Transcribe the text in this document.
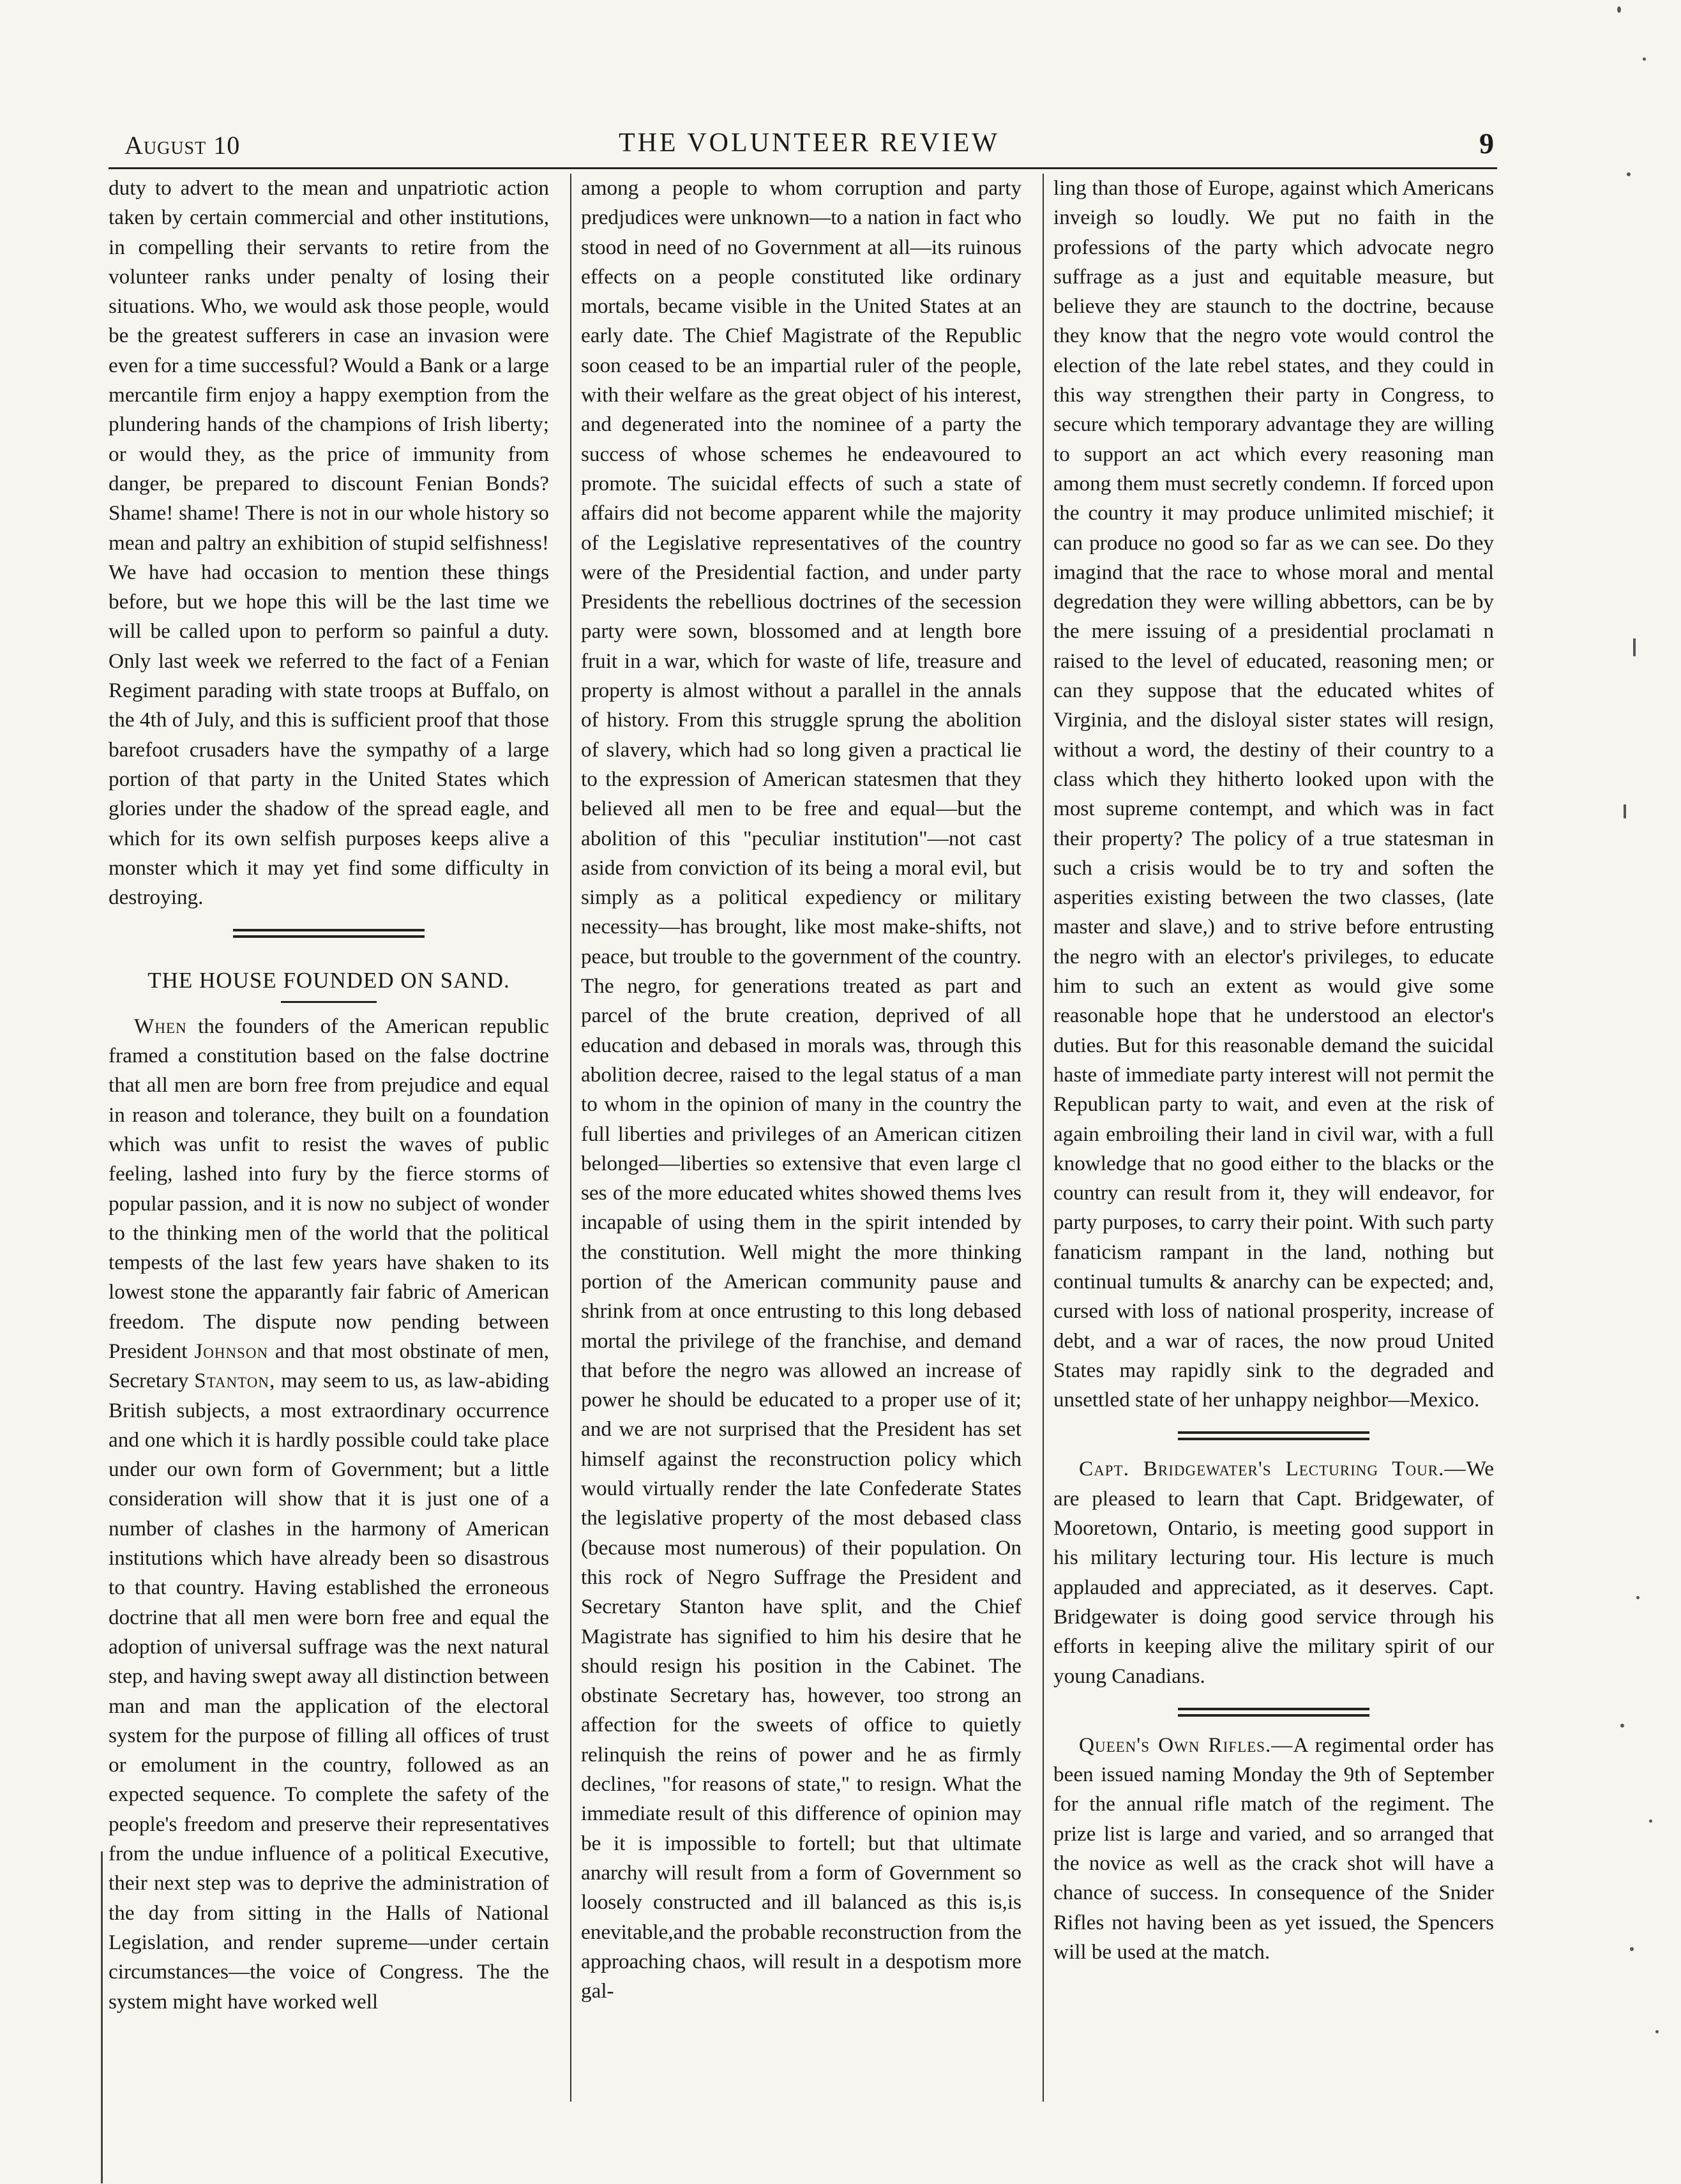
August 10	THE VOLUNTEER REVIEW	9

duty to advert to the mean and unpatriotic action taken by certain commercial and other institutions, in compelling their servants to retire from the volunteer ranks under penalty of losing their situations. Who, we would ask those people, would be the greatest sufferers in case an invasion were even for a time successful? Would a Bank or a large mercantile firm enjoy a happy exemption from the plundering hands of the champions of Irish liberty; or would they, as the price of immunity from danger, be prepared to discount Fenian Bonds? Shame! shame! There is not in our whole history so mean and paltry an exhibition of stupid selfishness! We have had occasion to mention these things before, but we hope this will be the last time we will be called upon to perform so painful a duty. Only last week we referred to the fact of a Fenian Regiment parading with state troops at Buffalo, on the 4th of July, and this is sufficient proof that those barefoot crusaders have the sympathy of a large portion of that party in the United States which glories under the shadow of the spread eagle, and which for its own selfish purposes keeps alive a monster which it may yet find some difficulty in destroying.

THE HOUSE FOUNDED ON SAND.

When the founders of the American republic framed a constitution based on the false doctrine that all men are born free from prejudice and equal in reason and tolerance, they built on a foundation which was unfit to resist the waves of public feeling, lashed into fury by the fierce storms of popular passion, and it is now no subject of wonder to the thinking men of the world that the political tempests of the last few years have shaken to its lowest stone the apparantly fair fabric of American freedom. The dispute now pending between President Johnson and that most obstinate of men, Secretary Stanton, may seem to us, as law-abiding British subjects, a most extraordinary occurrence and one which it is hardly possible could take place under our own form of Government; but a little consideration will show that it is just one of a number of clashes in the harmony of American institutions which have already been so disastrous to that country. Having established the erroneous doctrine that all men were born free and equal the adoption of universal suffrage was the next natural step, and having swept away all distinction between man and man the application of the electoral system for the purpose of filling all offices of trust or emolument in the country, followed as an expected sequence. To complete the safety of the people's freedom and preserve their representatives from the undue influence of a political Executive, their next step was to deprive the administration of the day from sitting in the Halls of National Legislation, and render supreme—under certain circumstances—the voice of Congress. The the system might have worked well

among a people to whom corruption and party predjudices were unknown—to a nation in fact who stood in need of no Government at all—its ruinous effects on a people constituted like ordinary mortals, became visible in the United States at an early date. The Chief Magistrate of the Republic soon ceased to be an impartial ruler of the people, with their welfare as the great object of his interest, and degenerated into the nominee of a party the success of whose schemes he endeavoured to promote. The suicidal effects of such a state of affairs did not become apparent while the majority of the Legislative representatives of the country were of the Presidential faction, and under party Presidents the rebellious doctrines of the secession party were sown, blossomed and at length bore fruit in a war, which for waste of life, treasure and property is almost without a parallel in the annals of history. From this struggle sprung the abolition of slavery, which had so long given a practical lie to the expression of American statesmen that they believed all men to be free and equal—but the abolition of this "peculiar institution"—not cast aside from conviction of its being a moral evil, but simply as a political expediency or military necessity—has brought, like most make-shifts, not peace, but trouble to the government of the country. The negro, for generations treated as part and parcel of the brute creation, deprived of all education and debased in morals was, through this abolition decree, raised to the legal status of a man to whom in the opinion of many in the country the full liberties and privileges of an American citizen belonged—liberties so extensive that even large cl ses of the more educated whites showed thems lves incapable of using them in the spirit intended by the constitution. Well might the more thinking portion of the American community pause and shrink from at once entrusting to this long debased mortal the privilege of the franchise, and demand that before the negro was allowed an increase of power he should be educated to a proper use of it; and we are not surprised that the President has set himself against the reconstruction policy which would virtually render the late Confederate States the legislative property of the most debased class (because most numerous) of their population. On this rock of Negro Suffrage the President and Secretary Stanton have split, and the Chief Magistrate has signified to him his desire that he should resign his position in the Cabinet. The obstinate Secretary has, however, too strong an affection for the sweets of office to quietly relinquish the reins of power and he as firmly declines, "for reasons of state," to resign. What the immediate result of this difference of opinion may be it is impossible to fortell; but that ultimate anarchy will result from a form of Government so loosely constructed and ill balanced as this is,is enevitable,and the probable reconstruction from the approaching chaos, will result in a despotism more gal-

ling than those of Europe, against which Americans inveigh so loudly. We put no faith in the professions of the party which advocate negro suffrage as a just and equitable measure, but believe they are staunch to the doctrine, because they know that the negro vote would control the election of the late rebel states, and they could in this way strengthen their party in Congress, to secure which temporary advantage they are willing to support an act which every reasoning man among them must secretly condemn. If forced upon the country it may produce unlimited mischief; it can produce no good so far as we can see. Do they imagind that the race to whose moral and mental degredation they were willing abbettors, can be by the mere issuing of a presidential proclamati n raised to the level of educated, reasoning men; or can they suppose that the educated whites of Virginia, and the disloyal sister states will resign, without a word, the destiny of their country to a class which they hitherto looked upon with the most supreme contempt, and which was in fact their property? The policy of a true statesman in such a crisis would be to try and soften the asperities existing between the two classes, (late master and slave,) and to strive before entrusting the negro with an elector's privileges, to educate him to such an extent as would give some reasonable hope that he understood an elector's duties. But for this reasonable demand the suicidal haste of immediate party interest will not permit the Republican party to wait, and even at the risk of again embroiling their land in civil war, with a full knowledge that no good either to the blacks or the country can result from it, they will endeavor, for party purposes, to carry their point. With such party fanaticism rampant in the land, nothing but continual tumults & anarchy can be expected; and, cursed with loss of national prosperity, increase of debt, and a war of races, the now proud United States may rapidly sink to the degraded and unsettled state of her unhappy neighbor—Mexico.

Capt. Bridgewater's Lecturing Tour.—We are pleased to learn that Capt. Bridgewater, of Mooretown, Ontario, is meeting good support in his military lecturing tour. His lecture is much applauded and appreciated, as it deserves. Capt. Bridgewater is doing good service through his efforts in keeping alive the military spirit of our young Canadians.

Queen's Own Rifles.—A regimental order has been issued naming Monday the 9th of September for the annual rifle match of the regiment. The prize list is large and varied, and so arranged that the novice as well as the crack shot will have a chance of success. In consequence of the Snider Rifles not having been as yet issued, the Spencers will be used at the match.
